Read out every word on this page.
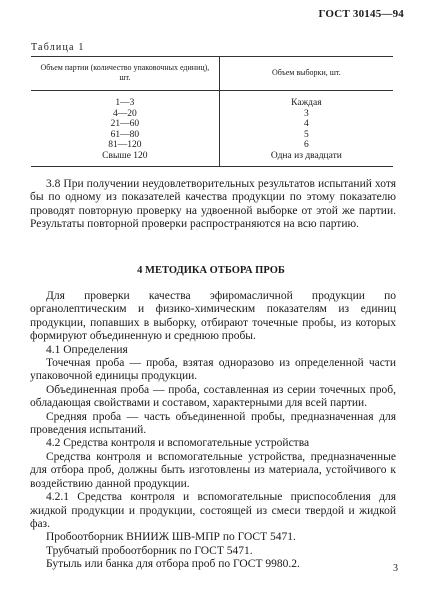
ГОСТ 30145—94
Таблица 1
Объем партии (количество упаковочных единиц), шт.	Объем выборки, шт.
1—3	Каждая
4—20	3
21—60	4
61—80	5
81—120	6
Свыше 120	Одна из двадцати

3.8 При получении неудовлетворительных результатов испытаний хотя бы по одному из показателей качества продукции по этому показателю проводят повторную проверку на удвоенной выборке от этой же партии. Результаты повторной проверки распространяются на всю партию.

4 МЕТОДИКА ОТБОРА ПРОБ

Для проверки качества эфиромасличной продукции по органолептическим и физико-химическим показателям из единиц продукции, попавших в выборку, отбирают точечные пробы, из которых формируют объединенную и среднюю пробы.

4.1 Определения

Точечная проба — проба, взятая одноразово из определенной части упаковочной единицы продукции.

Объединенная проба — проба, составленная из серии точечных проб, обладающая свойствами и составом, характерными для всей партии.

Средняя проба — часть объединенной пробы, предназначенная для проведения испытаний.

4.2 Средства контроля и вспомогательные устройства

Средства контроля и вспомогательные устройства, предназначенные для отбора проб, должны быть изготовлены из материала, устойчивого к воздействию данной продукции.

4.2.1 Средства контроля и вспомогательные приспособления для жидкой продукции и продукции, состоящей из смеси твердой и жидкой фаз.

Пробоотборник ВНИИЖ ШВ-МПР по ГОСТ 5471.

Трубчатый пробоотборник по ГОСТ 5471.

Бутыль или банка для отбора проб по ГОСТ 9980.2.	3
